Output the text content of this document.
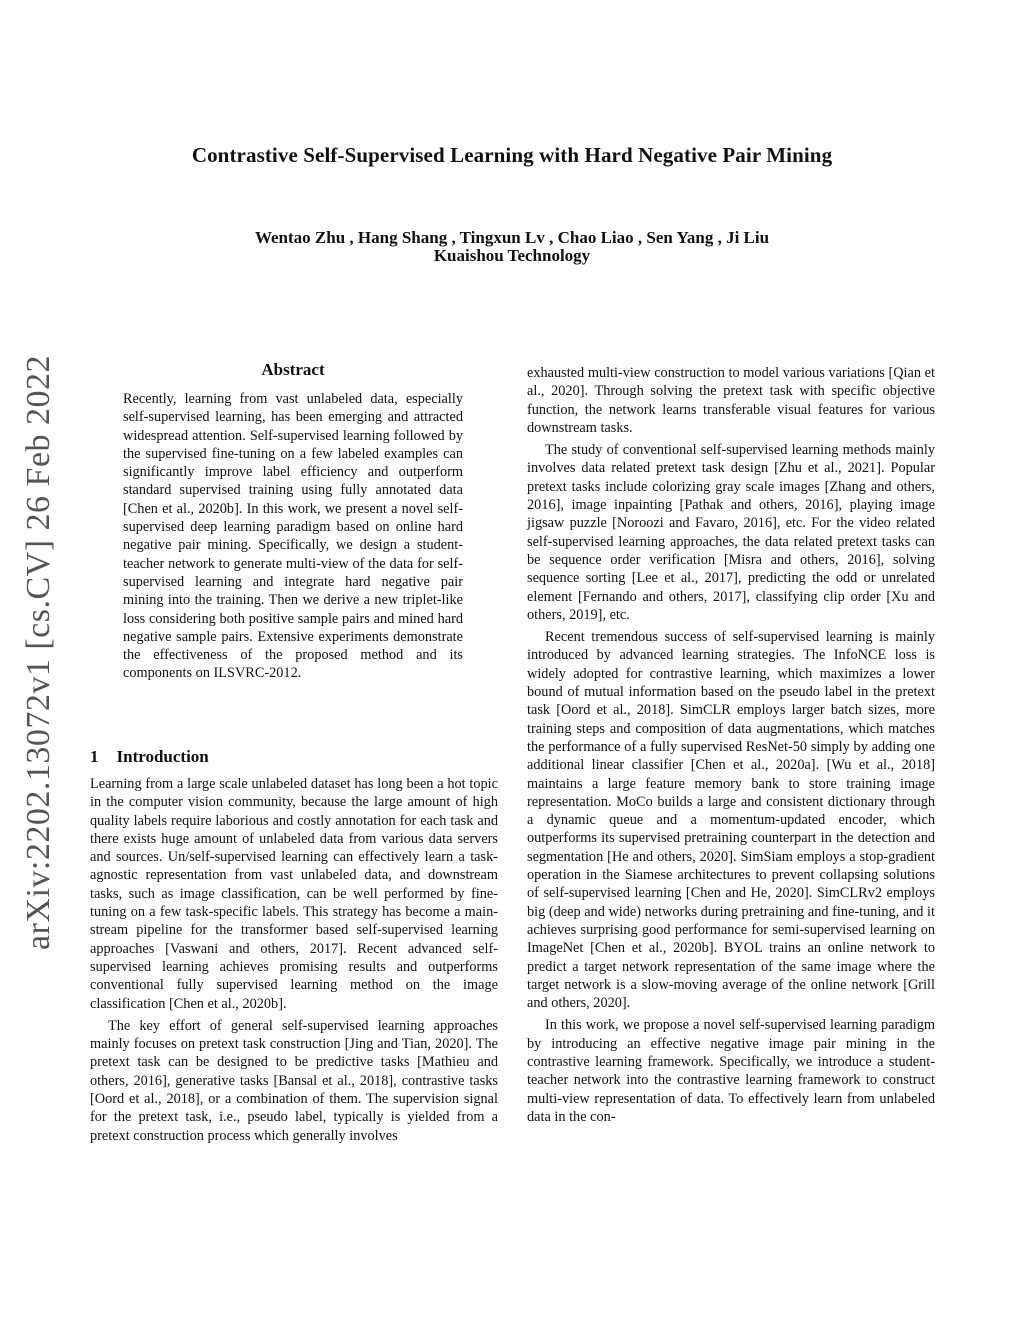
Contrastive Self-Supervised Learning with Hard Negative Pair Mining
Wentao Zhu , Hang Shang , Tingxun Lv , Chao Liao , Sen Yang , Ji Liu
Kuaishou Technology
arXiv:2202.13072v1 [cs.CV] 26 Feb 2022	Abstract

Recently, learning from vast unlabeled data, especially self-supervised learning, has been emerging and attracted widespread attention. Self-supervised learning followed by the supervised fine-tuning on a few labeled examples can significantly improve label efficiency and outperform standard supervised training using fully annotated data [Chen et al., 2020b]. In this work, we present a novel self-supervised deep learning paradigm based on online hard negative pair mining. Specifically, we design a student-teacher network to generate multi-view of the data for self-supervised learning and integrate hard negative pair mining into the training. Then we derive a new triplet-like loss considering both positive sample pairs and mined hard negative sample pairs. Extensive experiments demonstrate the effectiveness of the proposed method and its components on ILSVRC-2012.

1 Introduction

Learning from a large scale unlabeled dataset has long been a hot topic in the computer vision community, because the large amount of high quality labels require laborious and costly annotation for each task and there exists huge amount of unlabeled data from various data servers and sources. Un/self-supervised learning can effectively learn a task-agnostic representation from vast unlabeled data, and downstream tasks, such as image classification, can be well performed by fine-tuning on a few task-specific labels. This strategy has become a main-stream pipeline for the transformer based self-supervised learning approaches [Vaswani and others, 2017]. Recent advanced self-supervised learning achieves promising results and outperforms conventional fully supervised learning method on the image classification [Chen et al., 2020b].

The key effort of general self-supervised learning approaches mainly focuses on pretext task construction [Jing and Tian, 2020]. The pretext task can be designed to be predictive tasks [Mathieu and others, 2016], generative tasks [Bansal et al., 2018], contrastive tasks [Oord et al., 2018], or a combination of them. The supervision signal for the pretext task, i.e., pseudo label, typically is yielded from a pretext construction process which generally involves

exhausted multi-view construction to model various variations [Qian et al., 2020]. Through solving the pretext task with specific objective function, the network learns transferable visual features for various downstream tasks.

The study of conventional self-supervised learning methods mainly involves data related pretext task design [Zhu et al., 2021]. Popular pretext tasks include colorizing gray scale images [Zhang and others, 2016], image inpainting [Pathak and others, 2016], playing image jigsaw puzzle [Noroozi and Favaro, 2016], etc. For the video related self-supervised learning approaches, the data related pretext tasks can be sequence order verification [Misra and others, 2016], solving sequence sorting [Lee et al., 2017], predicting the odd or unrelated element [Fernando and others, 2017], classifying clip order [Xu and others, 2019], etc.

Recent tremendous success of self-supervised learning is mainly introduced by advanced learning strategies. The InfoNCE loss is widely adopted for contrastive learning, which maximizes a lower bound of mutual information based on the pseudo label in the pretext task [Oord et al., 2018]. SimCLR employs larger batch sizes, more training steps and composition of data augmentations, which matches the performance of a fully supervised ResNet-50 simply by adding one additional linear classifier [Chen et al., 2020a]. [Wu et al., 2018] maintains a large feature memory bank to store training image representation. MoCo builds a large and consistent dictionary through a dynamic queue and a momentum-updated encoder, which outperforms its supervised pretraining counterpart in the detection and segmentation [He and others, 2020]. SimSiam employs a stop-gradient operation in the Siamese architectures to prevent collapsing solutions of self-supervised learning [Chen and He, 2020]. SimCLRv2 employs big (deep and wide) networks during pretraining and fine-tuning, and it achieves surprising good performance for semi-supervised learning on ImageNet [Chen et al., 2020b]. BYOL trains an online network to predict a target network representation of the same image where the target network is a slow-moving average of the online network [Grill and others, 2020].

In this work, we propose a novel self-supervised learning paradigm by introducing an effective negative image pair mining in the contrastive learning framework. Specifically, we introduce a student-teacher network into the contrastive learning framework to construct multi-view representation of data. To effectively learn from unlabeled data in the con-
